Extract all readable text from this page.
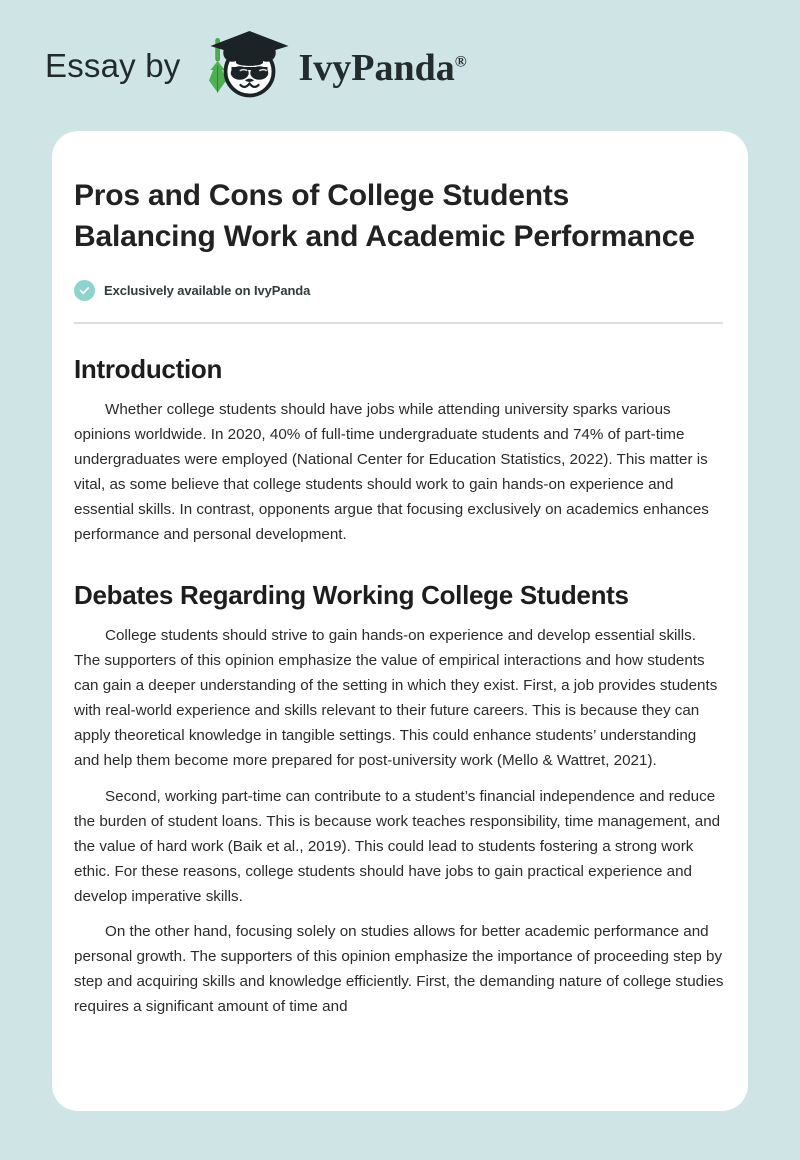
Essay by	IvyPanda®
Pros and Cons of College Students Balancing Work and Academic Performance
Exclusively available on IvyPanda
Introduction

Whether college students should have jobs while attending university sparks various opinions worldwide. In 2020, 40% of full-time undergraduate students and 74% of part-time undergraduates were employed (National Center for Education Statistics, 2022). This matter is vital, as some believe that college students should work to gain hands-on experience and essential skills. In contrast, opponents argue that focusing exclusively on academics enhances performance and personal development.

Debates Regarding Working College Students

College students should strive to gain hands-on experience and develop essential skills. The supporters of this opinion emphasize the value of empirical interactions and how students can gain a deeper understanding of the setting in which they exist. First, a job provides students with real-world experience and skills relevant to their future careers. This is because they can apply theoretical knowledge in tangible settings. This could enhance students’ understanding and help them become more prepared for post-university work (Mello & Wattret, 2021).

Second, working part-time can contribute to a student’s financial independence and reduce the burden of student loans. This is because work teaches responsibility, time management, and the value of hard work (Baik et al., 2019). This could lead to students fostering a strong work ethic. For these reasons, college students should have jobs to gain practical experience and develop imperative skills.

On the other hand, focusing solely on studies allows for better academic performance and personal growth. The supporters of this opinion emphasize the importance of proceeding step by step and acquiring skills and knowledge efficiently. First, the demanding nature of college studies requires a significant amount of time and
